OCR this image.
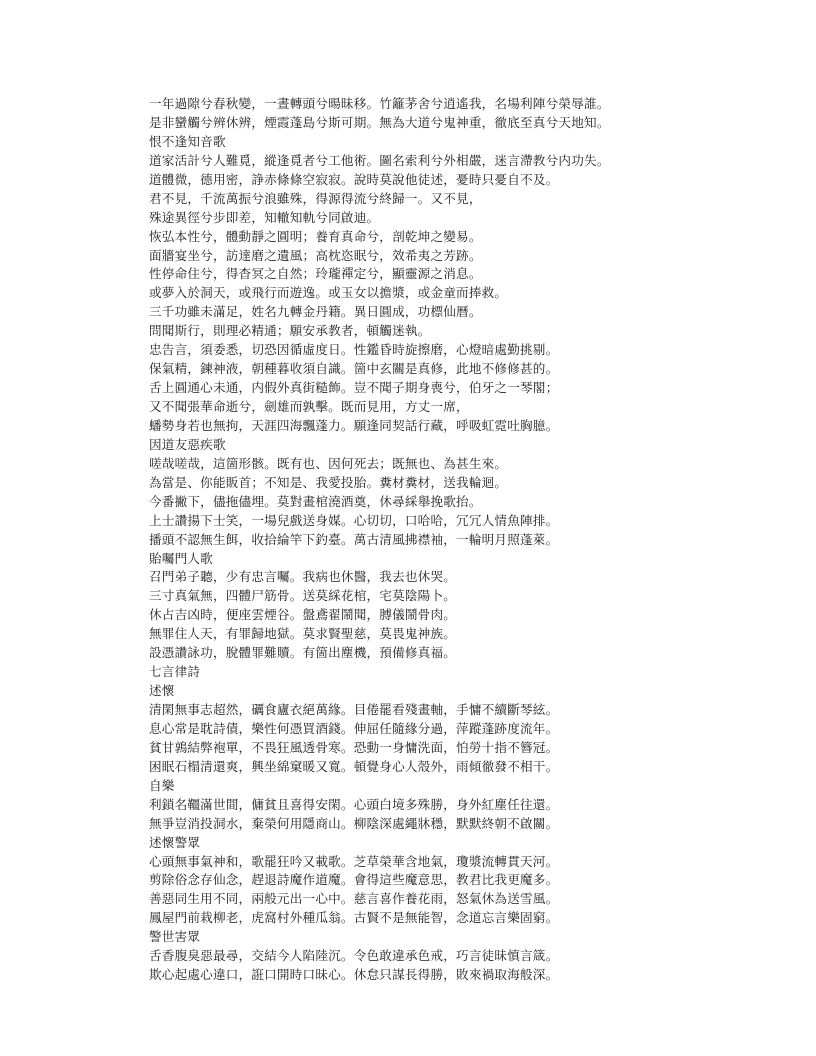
一年過隙兮春秋變，一晝轉頭兮暘昧移。竹籬茅舍兮逍遙我，名場利陣兮榮辱誰。
是非蠻觸兮辨休辨，煙霞蓬島兮斯可期。無為大道兮鬼神重，徹底至真兮天地知。
恨不逢知音歌
道家活計兮人難覓，縱逢覓者兮工他術。圖名索利兮外相嚴，迷言滯教兮内功失。
道體微，德用密，諍赤條條空寂寂。說時莫說他徒述，憂時只憂自不及。
君不見，千流萬振兮浪雖殊，得源得流兮終歸一。又不見，
殊途異徑兮步即差，知轍知軌兮同啟迪。
恢弘本性兮，體動靜之圓明；養育真命兮，剖乾坤之變易。
面牆宴坐兮，訪達磨之遺風；高枕恣眠兮，效希夷之芳跡。
性停命住兮，得杳冥之自然；玲瓏禪定兮，顯靈源之消息。
或夢入於洞天，或飛行而遊逸。或玉女以擔漿，或金童而捧救。
三千功雖未滿足，姓名九轉金丹籍。異日圓成，功標仙曆。
問聞斯行，則理必精通；願安承教者，頓觸迷執。
忠告言，須委悉，切恐因循虛度日。性鑑昏時旋擦磨，心燈暗處勤挑剔。
保氣精，鍊神液，朝種暮收須自識。箇中玄關是真修，此地不修修甚的。
舌上圓通心未通，内假外真街糙飾。豈不聞子期身喪兮，伯牙之一琴閣；
又不聞張華命逝兮，劍雄而孰擊。既而見用，方丈一席，
蟠勢身若也無拘，天涯四海飄蓬力。願逢同契話行藏，呼吸虹霓吐胸臆。
因道友惡疾歌
嗟哉嗟哉，這箇形骸。既有也、因何死去；既無也、為甚生來。
為當是、你能販首；不知是、我愛投胎。糞材糞材，送我輪迴。
今番撇下，儘拖儘埋。莫對畫棺澆酒奠，休尋綵舉挽歌抬。
上士讚揚下士笑，一場兒戲送身媒。心切切，口哈哈，冗冗人情魚陣排。
播頭不認無生餌，收拾綸竿下釣臺。萬古清風拂襟袖，一輪明月照蓬萊。
貽囑門人歌
召門弟子聽，少有忠言囑。我病也休醫，我去也休哭。
三寸真氣無，四體尸筋骨。送莫綵花棺，宅莫陰陽卜。
休占吉凶時，便座雲煙谷。盤鳶翟鬧聞，膊儀鬧骨肉。
無罪住人天，有罪歸地獄。莫求賢聖慈，莫畏鬼神族。
設憑讚詠功，脫體罪難贖。有箇出塵機，預備修真福。
七言律詩
述懷
清閑無事志超然，礪食廬衣絕萬緣。目倦罷看殘畫軸，手慵不續斷琴絃。
息心常是耽詩債，樂性何憑買酒錢。伸屈任隨緣分過，萍蹤蓬跡度流年。
貧甘鶉結弊袍單，不畏狂風透骨寒。恐動一身慵洗面，怕勞十指不簪冠。
困眠石榻清還爽，興坐綿窠暖又寬。頓覺身心人殼外，雨傾徹發不相干。
自樂
利鎖名韁滿世間，傭貧且喜得安閑。心頭白境多殊勝，身外紅塵任往還。
無爭豈消投洞水，棄榮何用隱商山。柳陰深處繩牀穩，默默終朝不啟關。
述懷警眾
心頭無事氣神和，歌罷狂吟又載歌。芝草榮華含地氣，瓊漿流轉貫天河。
剪除俗念存仙念，趕退詩魔作道魔。會得這些魔意思，教君比我更魔多。
善惡同生用不同，兩般元出一心中。慈言喜作養花雨，怒氣休為送雪風。
鳳屋門前栽柳老，虎窩村外種瓜翁。古賢不是無能智，念道忘言樂固窮。
警世害眾
舌香腹臭惡最尋，交結今人陷陸沉。令色敢違承色戒，巧言徒昧慎言箴。
欺心起處心違口，誑口開時口昧心。休怠只謀長得勝，敗來禍取海般深。
